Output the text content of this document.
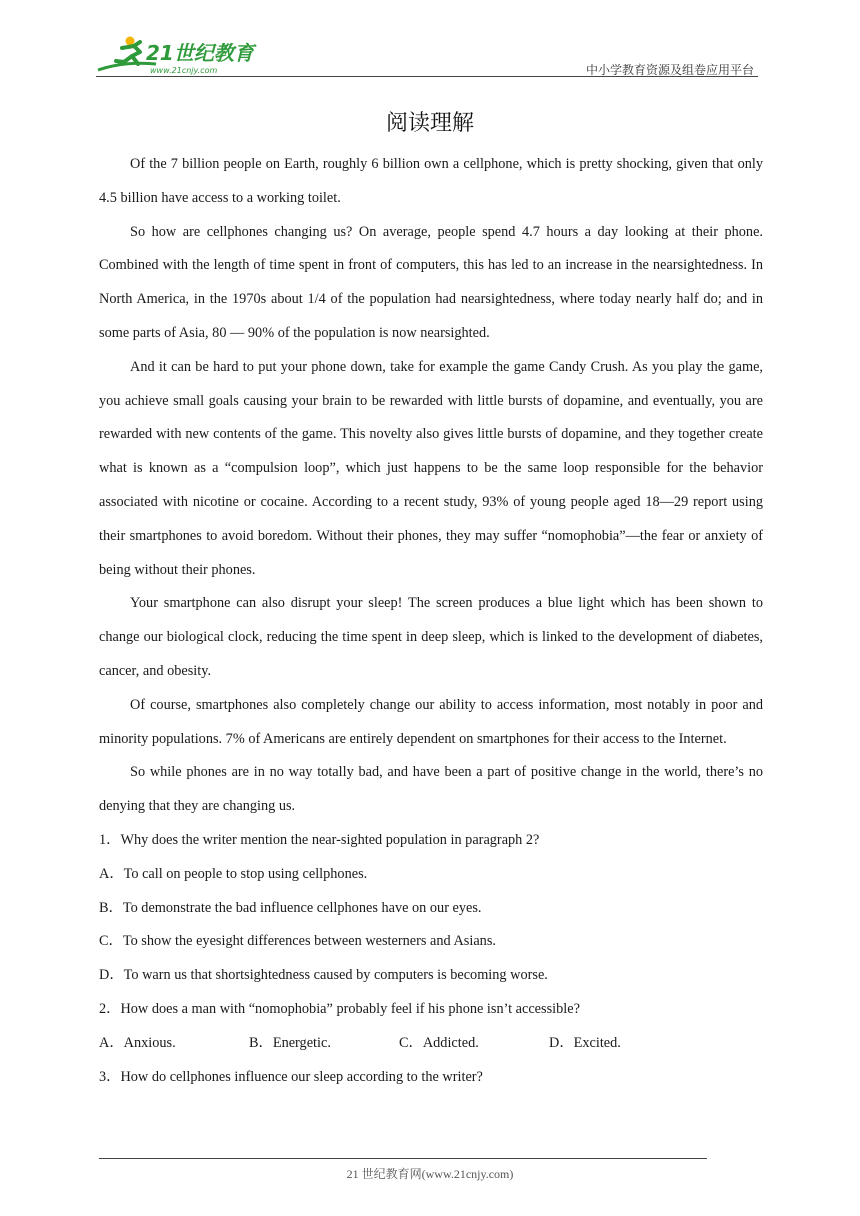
21世纪教育
www.21cnjy.com	中小学教育资源及组卷应用平台
阅读理解

Of the 7 billion people on Earth, roughly 6 billion own a cellphone, which is pretty shocking, given that only 4.5 billion have access to a working toilet.

So how are cellphones changing us? On average, people spend 4.7 hours a day looking at their phone. Combined with the length of time spent in front of computers, this has led to an increase in the nearsightedness. In North America, in the 1970s about 1/4 of the population had nearsightedness, where today nearly half do; and in some parts of Asia, 80 — 90% of the population is now nearsighted.

And it can be hard to put your phone down, take for example the game Candy Crush. As you play the game, you achieve small goals causing your brain to be rewarded with little bursts of dopamine, and eventually, you are rewarded with new contents of the game. This novelty also gives little bursts of dopamine, and they together create what is known as a “compulsion loop”, which just happens to be the same loop responsible for the behavior associated with nicotine or cocaine. According to a recent study, 93% of young people aged 18—29 report using their smartphones to avoid boredom. Without their phones, they may suffer “nomophobia”—the fear or anxiety of being without their phones.

Your smartphone can also disrupt your sleep! The screen produces a blue light which has been shown to change our biological clock, reducing the time spent in deep sleep, which is linked to the development of diabetes, cancer, and obesity.

Of course, smartphones also completely change our ability to access information, most notably in poor and minority populations. 7% of Americans are entirely dependent on smartphones for their access to the Internet.

So while phones are in no way totally bad, and have been a part of positive change in the world, there’s no denying that they are changing us.

1．Why does the writer mention the near-sighted population in paragraph 2?

A．To call on people to stop using cellphones.

B．To demonstrate the bad influence cellphones have on our eyes.

C．To show the eyesight differences between westerners and Asians.

D．To warn us that shortsightedness caused by computers is becoming worse.

2．How does a man with “nomophobia” probably feel if his phone isn’t accessible?

A．Anxious.	B．Energetic.	C．Addicted.	D．Excited.

3．How do cellphones influence our sleep according to the writer?

21 世纪教育网(www.21cnjy.com)
